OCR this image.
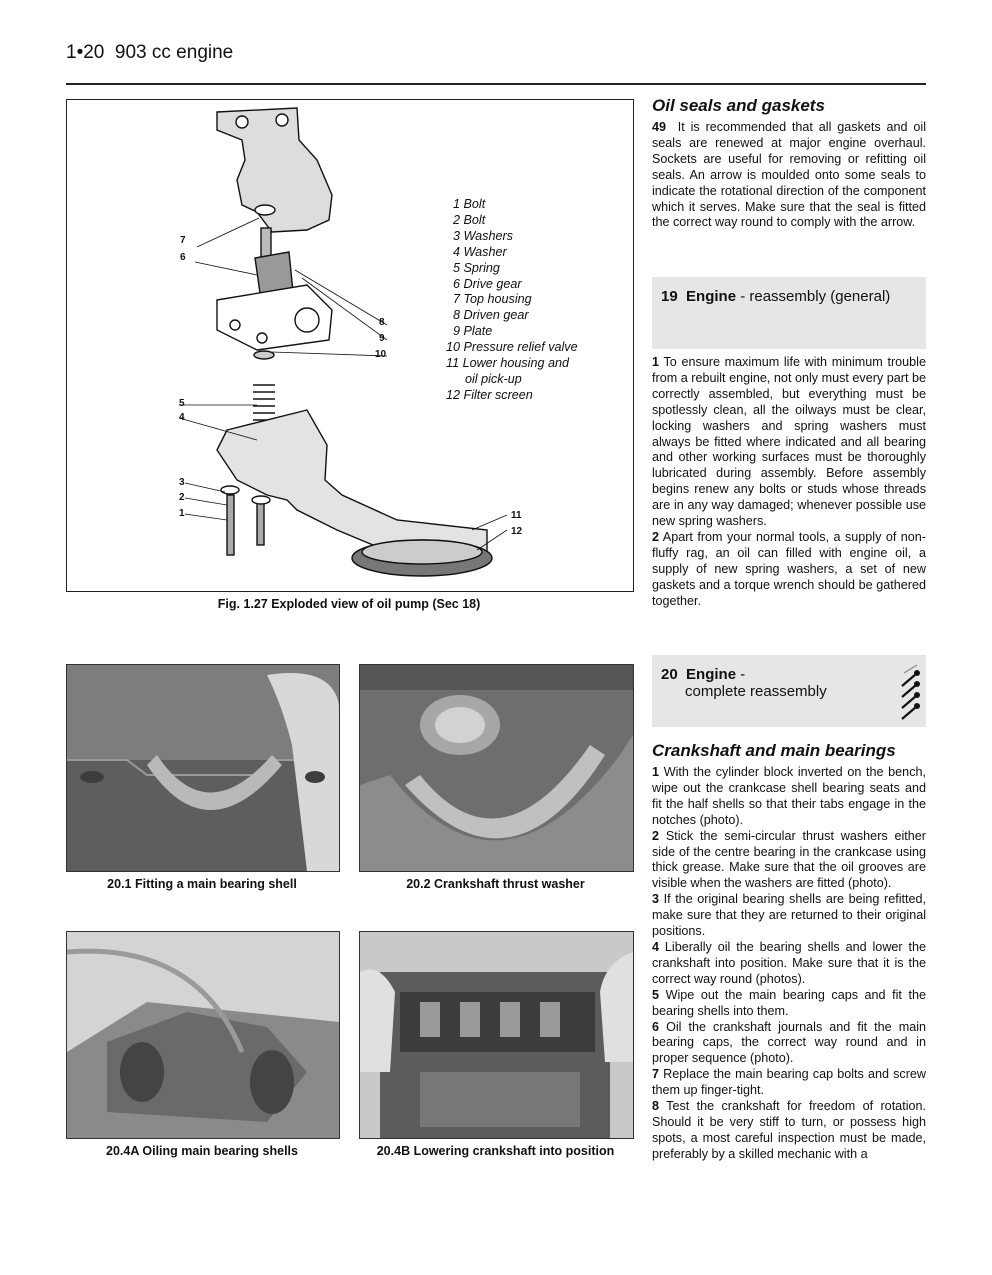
1•20 903 cc engine
7
6
8
9
10
5
4
3
2
1	11
12
1 Bolt
2 Bolt
3 Washers
4 Washer
5 Spring
6 Drive gear
7 Top housing
8 Driven gear
9 Plate
10 Pressure relief valve
11 Lower housing and
oil pick-up
12 Filter screen
Fig. 1.27 Exploded view of oil pump (Sec 18)
Oil seals and gaskets

49 It is recommended that all gaskets and oil seals are renewed at major engine overhaul. Sockets are useful for removing or refitting oil seals. An arrow is moulded onto some seals to indicate the rotational direction of the component which it serves. Make sure that the seal is fitted the correct way round to comply with the arrow.

19 Engine - reassembly (general)

1 To ensure maximum life with minimum trouble from a rebuilt engine, not only must every part be correctly assembled, but everything must be spotlessly clean, all the oilways must be clear, locking washers and spring washers must always be fitted where indicated and all bearing and other working surfaces must be thoroughly lubricated during assembly. Before assembly begins renew any bolts or studs whose threads are in any way damaged; whenever possible use new spring washers.

2 Apart from your normal tools, a supply of non-fluffy rag, an oil can filled with engine oil, a supply of new spring washers, a set of new gaskets and a torque wrench should be gathered together.

20 Engine -
complete reassembly
Crankshaft and main bearings

1 With the cylinder block inverted on the bench, wipe out the crankcase shell bearing seats and fit the half shells so that their tabs engage in the notches (photo).

2 Stick the semi-circular thrust washers either side of the centre bearing in the crankcase using thick grease. Make sure that the oil grooves are visible when the washers are fitted (photo).

3 If the original bearing shells are being refitted, make sure that they are returned to their original positions.

4 Liberally oil the bearing shells and lower the crankshaft into position. Make sure that it is the correct way round (photos).

5 Wipe out the main bearing caps and fit the bearing shells into them.

6 Oil the crankshaft journals and fit the main bearing caps, the correct way round and in proper sequence (photo).

7 Replace the main bearing cap bolts and screw them up finger-tight.

8 Test the crankshaft for freedom of rotation. Should it be very stiff to turn, or possess high spots, a most careful inspection must be made, preferably by a skilled mechanic with a

20.1 Fitting a main bearing shell	20.2 Crankshaft thrust washer
20.4A Oiling main bearing shells	20.4B Lowering crankshaft into position
